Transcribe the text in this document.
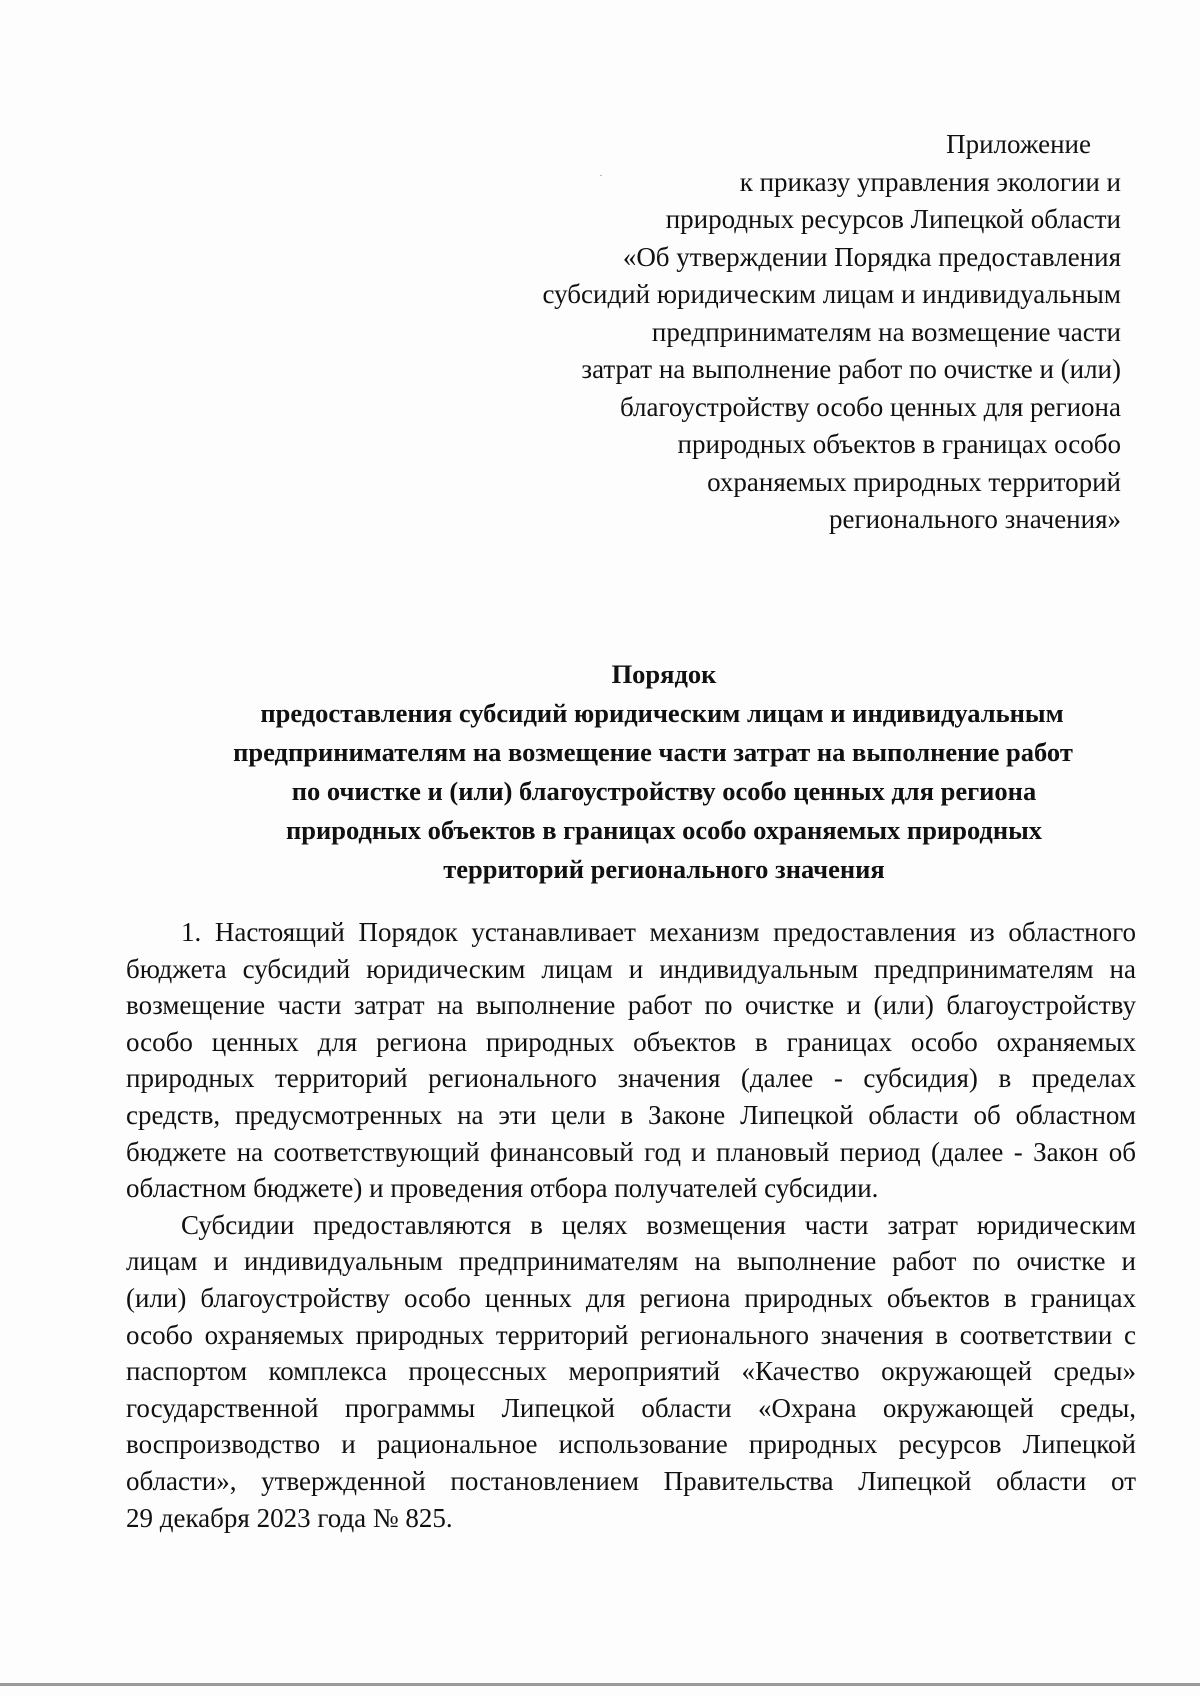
Приложение
к приказу управления экологии и
природных ресурсов Липецкой области
«Об утверждении Порядка предоставления
субсидий юридическим лицам и индивидуальным
предпринимателям на возмещение части
затрат на выполнение работ по очистке и (или)
благоустройству особо ценных для региона
природных объектов в границах особо
охраняемых природных территорий
регионального значения»
Порядок
предоставления субсидий юридическим лицам и индивидуальным
предпринимателям на возмещение части затрат на выполнение работ
по очистке и (или) благоустройству особо ценных для региона
природных объектов в границах особо охраняемых природных
территорий регионального значения

1. Настоящий Порядок устанавливает механизм предоставления из областного
бюджета субсидий юридическим лицам и индивидуальным предпринимателям на
возмещение части затрат на выполнение работ по очистке и (или) благоустройству
особо ценных для региона природных объектов в границах особо охраняемых
природных территорий регионального значения (далее - субсидия) в пределах
средств, предусмотренных на эти цели в Законе Липецкой области об областном
бюджете на соответствующий финансовый год и плановый период (далее - Закон об
областном бюджете) и проведения отбора получателей субсидии.

Субсидии предоставляются в целях возмещения части затрат юридическим
лицам и индивидуальным предпринимателям на выполнение работ по очистке и
(или) благоустройству особо ценных для региона природных объектов в границах
особо охраняемых природных территорий регионального значения в соответствии с
паспортом комплекса процессных мероприятий «Качество окружающей среды»
государственной программы Липецкой области «Охрана окружающей среды,
воспроизводство и рациональное использование природных ресурсов Липецкой
области», утвержденной постановлением Правительства Липецкой области от
29 декабря 2023 года № 825.
